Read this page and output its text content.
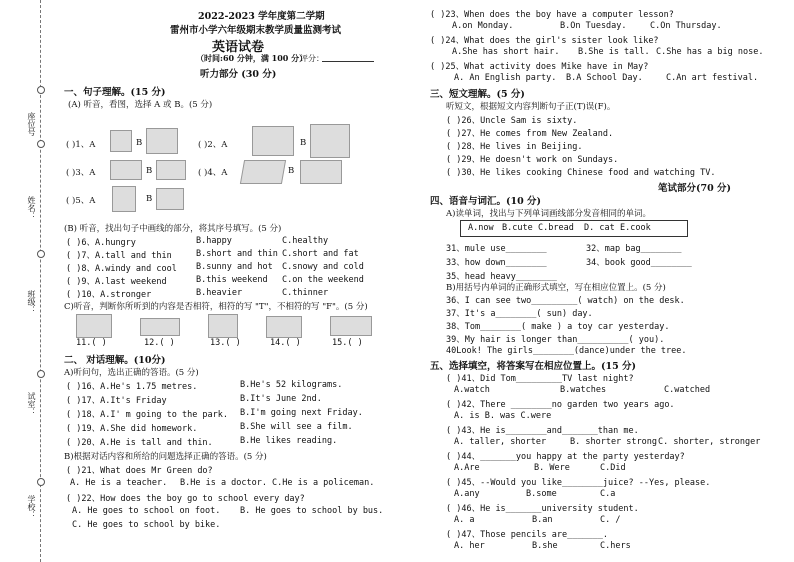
座位号
姓名：
班级：
试室：
学校：
2022-2023 学年度第二学期
雷州市小学六年级期末教学质量监测考试
英语试卷
（时间:60 分钟，满 100 分）
评分：
听力部分 (30 分)
一、句子理解。(15 分)
(A) 听音，看图，选择 A 或 B。(5 分)
( )1、A	B	( )2、A	B
( )3、A	B	( )4、A	B
( )5、A	B
(B) 听音，找出句子中画线的部分，将其序号填写。(5 分)
( )6、A.hungry	B.happy	C.healthy
( )7、A.tall and thin	B.short and thin C.short and fat
( )8、A.windy and cool B.sunny and hot C.snowy and cold
( )9、A.last weekend	B.this weekend C.on the weekend
( )10、A.stronger	B.heavier	C.thinner
C)听音，判断你所听到的内容是否相符，相符的写 "T"，不相符的写 "F"。(5 分)
11.( )	12.( )	13.( )	14.( )	15.( )
二、 对话理解。(10分)
A)听问句，选出正确的答语。(5 分)
( )16、A.He's 1.75 metres.	B.He's 52 kilograms.
( )17、A.It's Friday	B.It's June 2nd.
( )18、A.I' m going to the park. B.I'm going next Friday.
( )19、A.She did homework.	B.She will see a film.
( )20、A.He is tall and thin.	B.He likes reading.
B)根据对话内容和所给的问题选择正确的答语。(5 分)
( )21、What does Mr Green do?
A. He is a teacher. B.He is a doctor. C.He is a policeman.
( )22、How does the boy go to school every day?
A. He goes to school on foot. B. He goes to school by bus.
C. He goes to school by bike.
( )23、When does the boy have a computer lesson?
A.on Monday.	B.On Tuesday.	C.On Thursday.
( )24、What does the girl's sister look like?
A.She has short hair. B.She is tall. C.She has a big nose.
( )25、What activity does Mike have in May?
A. An English party. B.A School Day.	C.An art festival.
三、短文理解。(5 分)
听短文，根据短文内容判断句子正(T)误(F)。
( )26、Uncle Sam is sixty.
( )27、He comes from New Zealand.
( )28、He lives in Beijing.
( )29、He doesn't work on Sundays.
( )30、He likes cooking Chinese food and watching TV.
笔试部分(70 分)
四、语音与词汇。(10 分)
A)读单词，找出与下列单词画线部分发音相同的单词。
A.now B.cute C.bread D. cat E.cook
31、mule use________	32、map bag________
33、how down________	34、book good________
35、head heavy________
B)用括号内单词的正确形式填空，写在相应位置上。(5 分)
36、I can see two_________( watch) on the desk.
37、It's a________( sun) day.
38、Tom________( make ) a toy car yesterday.
39、My hair is longer than__________( you).
40Look! The girls________(dance)under the tree.
五、选择填空，将答案写在相应位置上。(15 分)
( )41、Did Tom_________TV last night?
A.watch	B.watches	C.watched
( )42、There ________no garden two years ago.
A. is B. was C.were
( )43、He is________and_______than me.
A. taller, shorter	B. shorter strong C. shorter, stronger
( )44、_______you happy at the party yesterday?
A.Are	B. Were	C.Did
( )45、--Would you like________juice? --Yes, please.
A.any	B.some	C.a
( )46、He is_______university student.
A. a	B.an	C. /
( )47、Those pencils are_______.
A. her	B.she	C.hers
